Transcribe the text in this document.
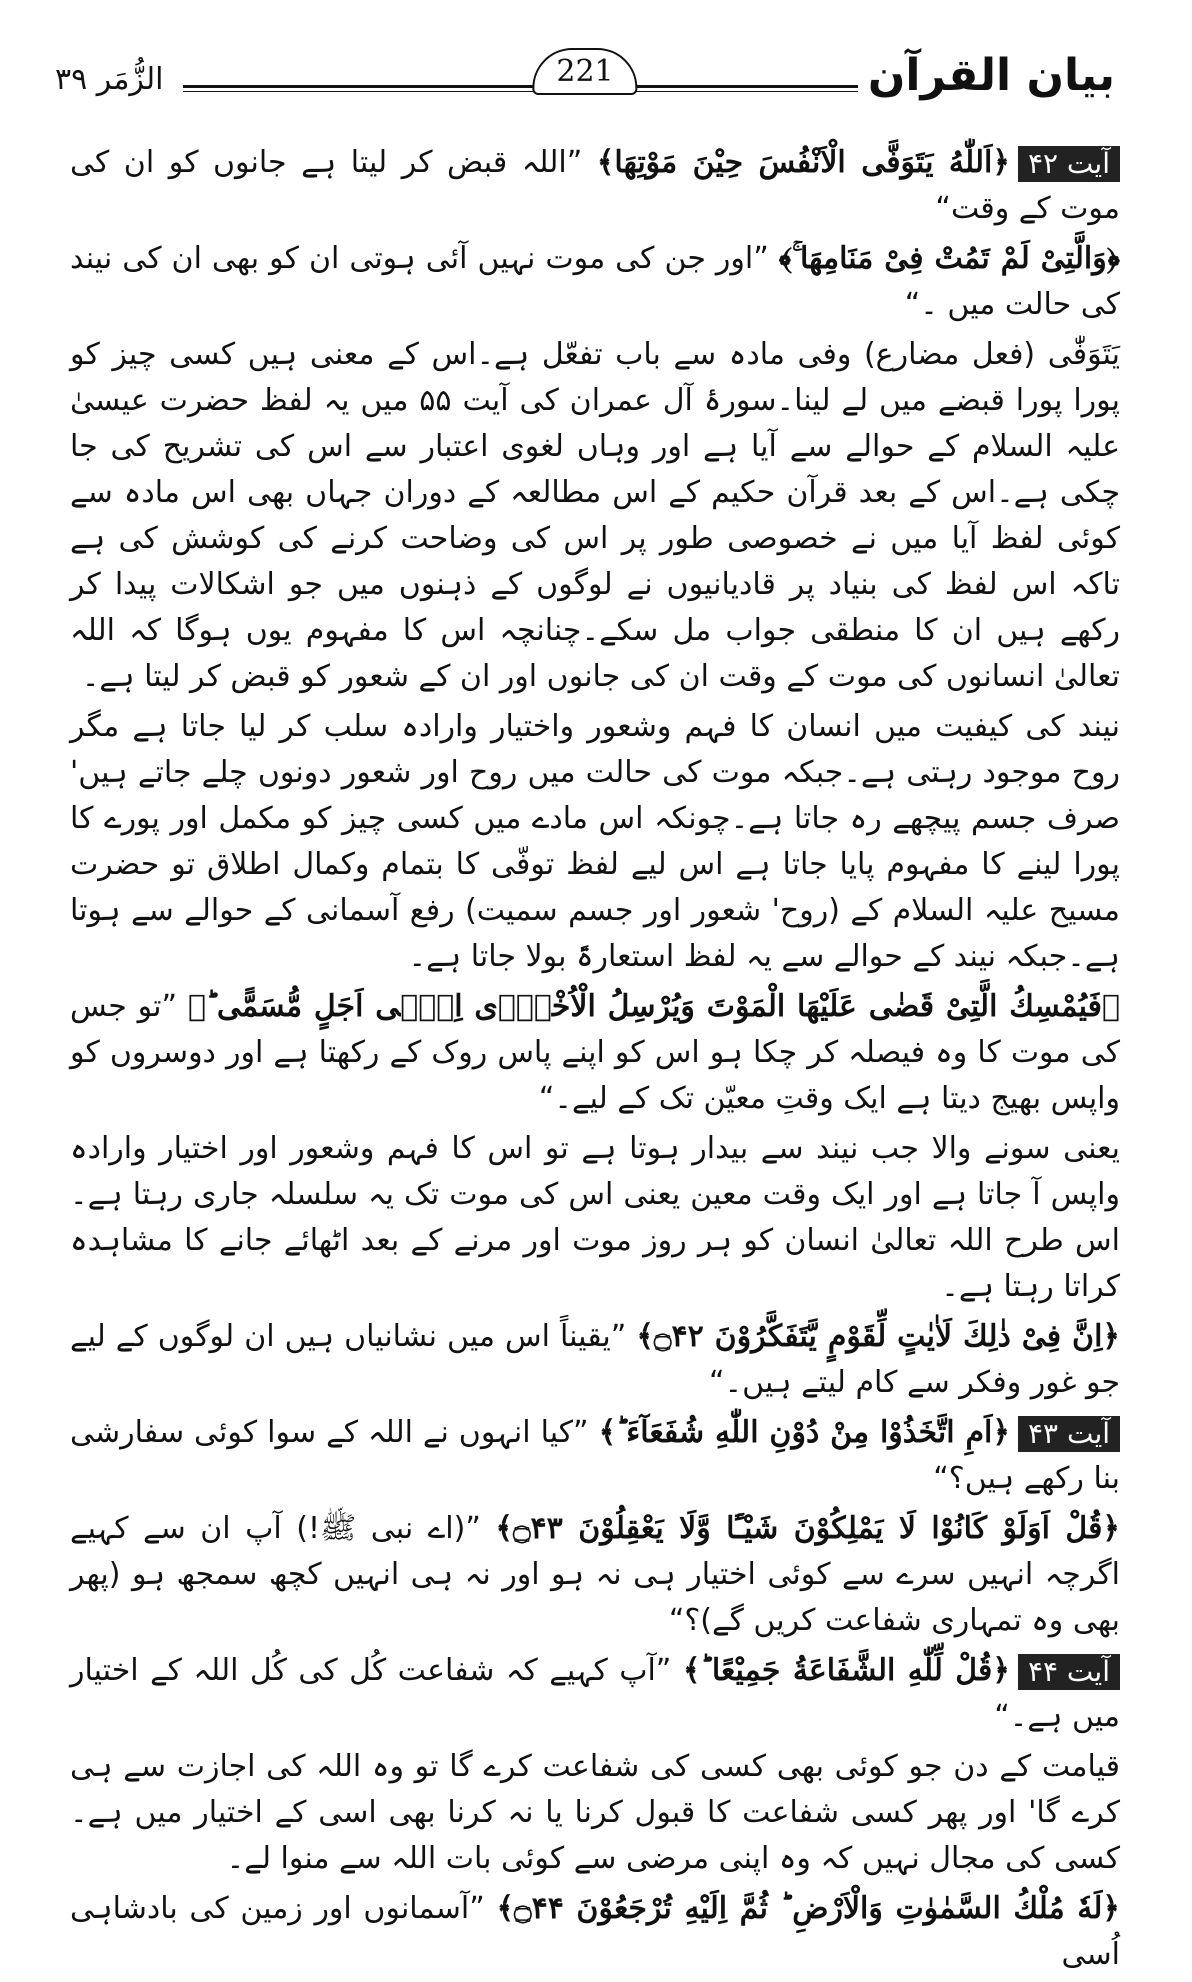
بیان القرآن
221
الزُّمَر ۳۹

آیت ۴۲﴿اَللّٰهُ یَتَوَفَّى الْاَنْفُسَ حِیْنَ مَوْتِهَا﴾ ”اللہ قبض کر لیتا ہے جانوں کو ان کی موت کے وقت“

﴿وَالَّتِیْ لَمْ تَمُتْ فِیْ مَنَامِهَا ۚ﴾ ”اور جن کی موت نہیں آئی ہوتی ان کو بھی ان کی نیند کی حالت میں ۔“

یَتَوَفّٰی (فعل مضارع) وفی مادہ سے باب تفعّل ہے۔اس کے معنی ہیں کسی چیز کو پورا پورا قبضے میں لے لینا۔سورۂ آل عمران کی آیت ۵۵ میں یہ لفظ حضرت عیسیٰ علیہ السلام کے حوالے سے آیا ہے اور وہاں لغوی اعتبار سے اس کی تشریح کی جا چکی ہے۔اس کے بعد قرآن حکیم کے اس مطالعہ کے دوران جہاں بھی اس مادہ سے کوئی لفظ آیا میں نے خصوصی طور پر اس کی وضاحت کرنے کی کوشش کی ہے تاکہ اس لفظ کی بنیاد پر قادیانیوں نے لوگوں کے ذہنوں میں جو اشکالات پیدا کر رکھے ہیں ان کا منطقی جواب مل سکے۔چنانچہ اس کا مفہوم یوں ہوگا کہ اللہ تعالیٰ انسانوں کی موت کے وقت ان کی جانوں اور ان کے شعور کو قبض کر لیتا ہے۔

نیند کی کیفیت میں انسان کا فہم وشعور واختیار وارادہ سلب کر لیا جاتا ہے مگر روح موجود رہتی ہے۔جبکہ موت کی حالت میں روح اور شعور دونوں چلے جاتے ہیں' صرف جسم پیچھے رہ جاتا ہے۔چونکہ اس مادے میں کسی چیز کو مکمل اور پورے کا پورا لینے کا مفہوم پایا جاتا ہے اس لیے لفظ توفّی کا بتمام وکمال اطلاق تو حضرت مسیح علیہ السلام کے (روح' شعور اور جسم سمیت) رفع آسمانی کے حوالے سے ہوتا ہے۔جبکہ نیند کے حوالے سے یہ لفظ استعارۃً بولا جاتا ہے۔

﴿فَیُمْسِكُ الَّتِیْ قَضٰى عَلَیْهَا الْمَوْتَ وَیُرْسِلُ الْاُخْرٰۤى اِلٰۤى اَجَلٍ مُّسَمًّى ؕ﴾ ”تو جس کی موت کا وہ فیصلہ کر چکا ہو اس کو اپنے پاس روک کے رکھتا ہے اور دوسروں کو واپس بھیج دیتا ہے ایک وقتِ معیّن تک کے لیے۔“

یعنی سونے والا جب نیند سے بیدار ہوتا ہے تو اس کا فہم وشعور اور اختیار وارادہ واپس آ جاتا ہے اور ایک وقت معین یعنی اس کی موت تک یہ سلسلہ جاری رہتا ہے۔اس طرح اللہ تعالیٰ انسان کو ہر روز موت اور مرنے کے بعد اٹھائے جانے کا مشاہدہ کراتا رہتا ہے۔

﴿اِنَّ فِیْ ذٰلِكَ لَاٰیٰتٍ لِّقَوْمٍ یَّتَفَكَّرُوْنَ ۝۴۲﴾ ”یقیناً اس میں نشانیاں ہیں ان لوگوں کے لیے جو غور وفکر سے کام لیتے ہیں۔“

آیت ۴۳﴿اَمِ اتَّخَذُوْا مِنْ دُوْنِ اللّٰهِ شُفَعَآءَ ؕ﴾ ”کیا انہوں نے اللہ کے سوا کوئی سفارشی بنا رکھے ہیں؟“

﴿قُلْ اَوَلَوْ كَانُوْا لَا یَمْلِكُوْنَ شَیْـًٔا وَّلَا یَعْقِلُوْنَ ۝۴۳﴾ ”(اے نبی ﷺ!) آپ ان سے کہیے اگرچہ انہیں سرے سے کوئی اختیار ہی نہ ہو اور نہ ہی انہیں کچھ سمجھ ہو (پھر بھی وہ تمہاری شفاعت کریں گے)؟“

آیت ۴۴﴿قُلْ لِّلّٰهِ الشَّفَاعَةُ جَمِیْعًا ؕ﴾ ”آپ کہیے کہ شفاعت کُل کی کُل اللہ کے اختیار میں ہے۔“

قیامت کے دن جو کوئی بھی کسی کی شفاعت کرے گا تو وہ اللہ کی اجازت سے ہی کرے گا' اور پھر کسی شفاعت کا قبول کرنا یا نہ کرنا بھی اسی کے اختیار میں ہے۔کسی کی مجال نہیں کہ وہ اپنی مرضی سے کوئی بات اللہ سے منوا لے۔

﴿لَهٗ مُلْكُ السَّمٰوٰتِ وَالْاَرْضِ ؕ ثُمَّ اِلَیْهِ تُرْجَعُوْنَ ۝۴۴﴾ ”آسمانوں اور زمین کی بادشاہی اُسی
